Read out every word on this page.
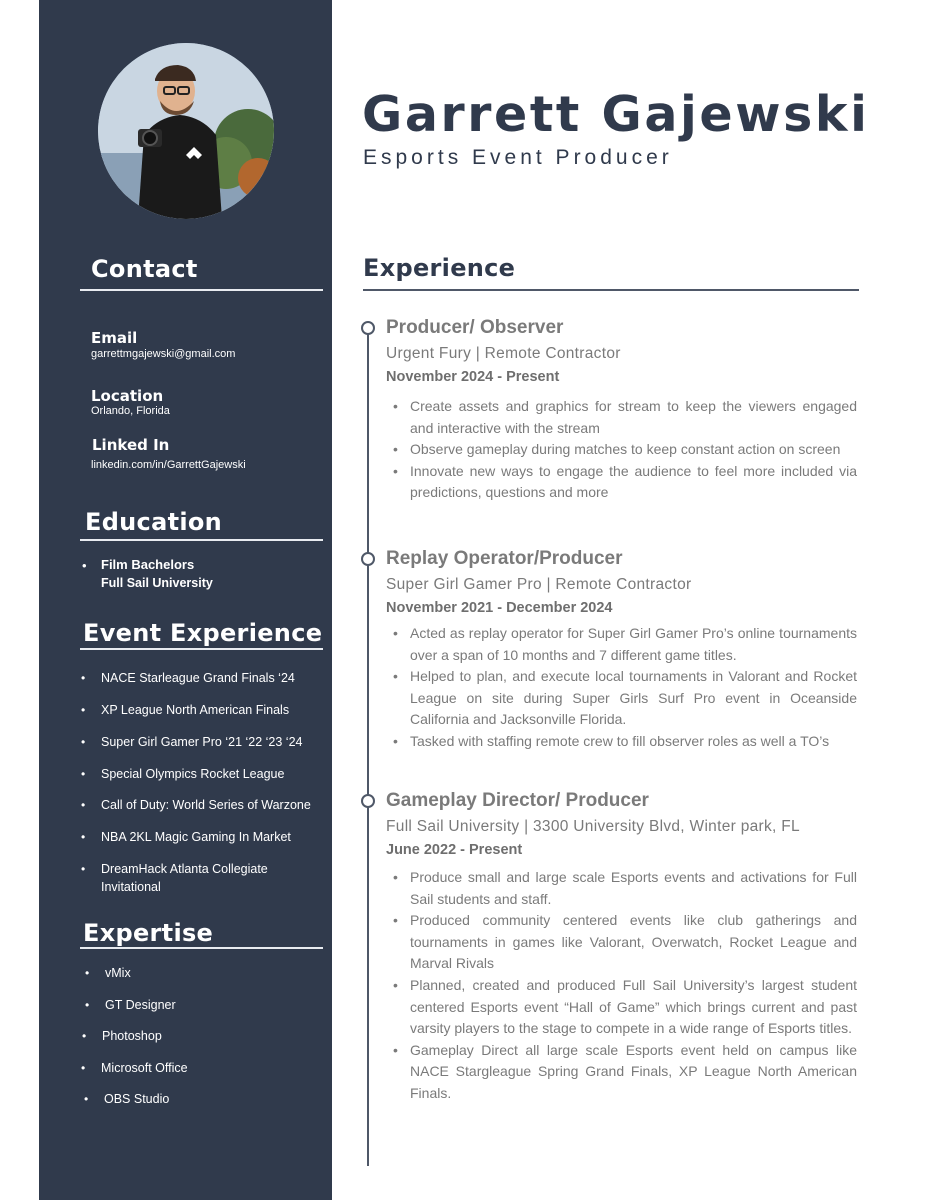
Contact
Email
garrettmgajewski@gmail.com
Location
Orlando, Florida
Linked In
linkedin.com/in/GarrettGajewski
Education
• Film Bachelors
Full Sail University
Event Experience
• NACE Starleague Grand Finals ‘24
• XP League North American Finals
• Super Girl Gamer Pro ‘21 ‘22 ‘23 ‘24
• Special Olympics Rocket League
• Call of Duty: World Series of Warzone
• NBA 2KL Magic Gaming In Market
• DreamHack Atlanta Collegiate
Invitational
Expertise
• vMix
• GT Designer
• Photoshop
• Microsoft Office
• OBS Studio
Garrett Gajewski
Esports Event Producer
Experience
Producer/ Observer
Urgent Fury | Remote Contractor
November 2024 - Present
• Create assets and graphics for stream to keep the viewers engaged and interactive with the stream
• Observe gameplay during matches to keep constant action on screen
• Innovate new ways to engage the audience to feel more included via predictions, questions and more
Replay Operator/Producer
Super Girl Gamer Pro | Remote Contractor
November 2021 - December 2024
• Acted as replay operator for Super Girl Gamer Pro’s online tournaments over a span of 10 months and 7 different game titles.
• Helped to plan, and execute local tournaments in Valorant and Rocket League on site during Super Girls Surf Pro event in Oceanside California and Jacksonville Florida.
• Tasked with staffing remote crew to fill observer roles as well a TO’s
Gameplay Director/ Producer
Full Sail University | 3300 University Blvd, Winter park, FL
June 2022 - Present
• Produce small and large scale Esports events and activations for Full Sail students and staff.
• Produced community centered events like club gatherings and tournaments in games like Valorant, Overwatch, Rocket League and Marval Rivals
• Planned, created and produced Full Sail University’s largest student centered Esports event “Hall of Game” which brings current and past varsity players to the stage to compete in a wide range of Esports titles.
• Gameplay Direct all large scale Esports event held on campus like NACE Stargleague Spring Grand Finals, XP League North American Finals.
